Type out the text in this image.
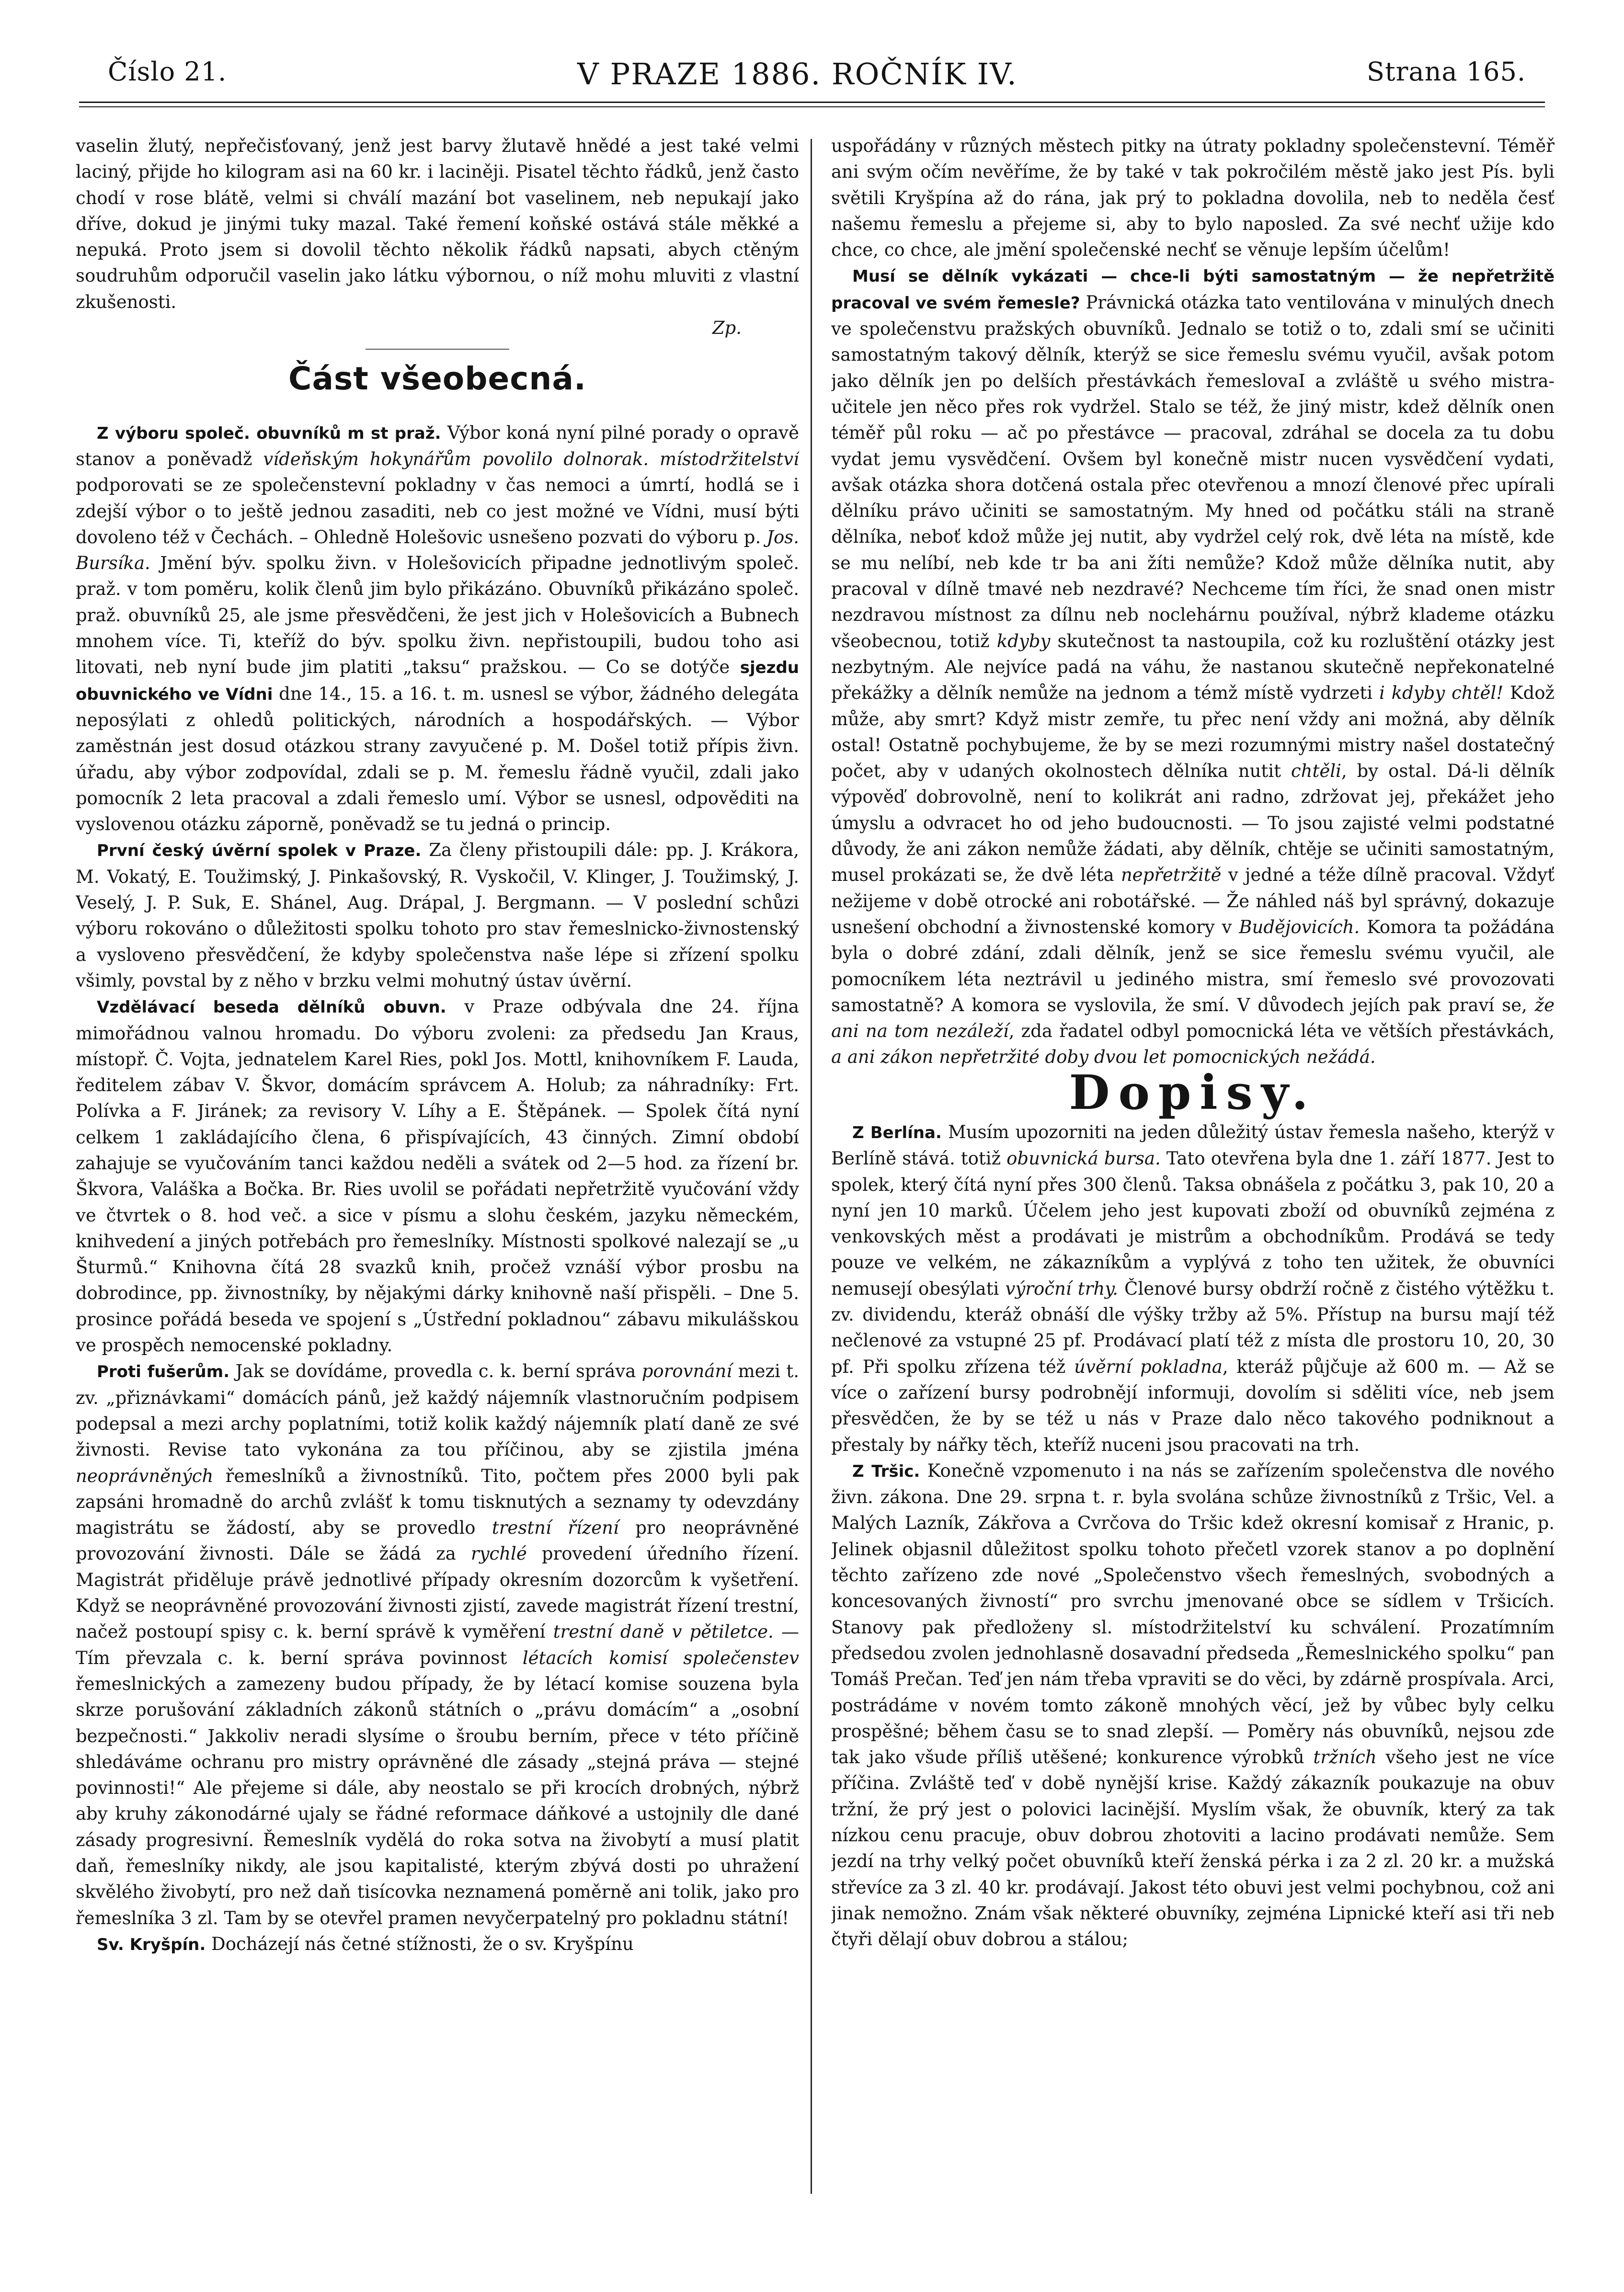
Číslo 21.	V PRAZE 1886. ROČNÍK IV.	Strana 165.

vaselin žlutý, nepřečisťovaný, jenž jest barvy žlutavě hnědé a jest také velmi laciný, přijde ho kilogram asi na 60 kr. i laciněji. Pisatel těchto řádků, jenž často chodí v rose blátě, velmi si chválí mazání bot vaselinem, neb nepukají jako dříve, dokud je jinými tuky mazal. Také řemení koňské ostává stále měkké a nepuká. Proto jsem si dovolil těchto několik řádků napsati, abych ctěným soudruhům odporučil vaselin jako látku výbornou, o níž mohu mluviti z vlastní zkušenosti.

Zp.

Část všeobecná.

Z výboru společ. obuvníků m st praž. Výbor koná nyní pilné porady o opravě stanov a poněvadž vídeňským hokynářům povolilo dolnorak. místodržitelství podporovati se ze společenstevní pokladny v čas nemoci a úmrtí, hodlá se i zdejší výbor o to ještě jednou zasaditi, neb co jest možné ve Vídni, musí býti dovoleno též v Čechách. – Ohledně Holešovic usnešeno pozvati do výboru p. Jos. Bursíka. Jmění býv. spolku živn. v Holešovicích připadne jednotlivým společ. praž. v tom poměru, kolik členů jim bylo přikázáno. Obuvníků přikázáno společ. praž. obuvníků 25, ale jsme přesvědčeni, že jest jich v Holešovicích a Bubnech mnohem více. Ti, kteříž do býv. spolku živn. nepřistoupili, budou toho asi litovati, neb nyní bude jim platiti „taksu“ pražskou. — Co se dotýče sjezdu obuvnického ve Vídni dne 14., 15. a 16. t. m. usnesl se výbor, žádného delegáta neposýlati z ohledů politických, národních a hospodářských. — Výbor zaměstnán jest dosud otázkou strany zavyučené p. M. Došel totiž přípis živn. úřadu, aby výbor zodpovídal, zdali se p. M. řemeslu řádně vyučil, zdali jako pomocník 2 leta pracoval a zdali řemeslo umí. Výbor se usnesl, odpověditi na vyslovenou otázku záporně, poněvadž se tu jedná o princip.

První český úvěrní spolek v Praze. Za členy přistoupili dále: pp. J. Krákora, M. Vokatý, E. Toužimský, J. Pinkašovský, R. Vyskočil, V. Klinger, J. Toužimský, J. Veselý, J. P. Suk, E. Shánel, Aug. Drápal, J. Bergmann. — V poslední schůzi výboru rokováno o důležitosti spolku tohoto pro stav řemeslnicko-živnostenský a vysloveno přesvědčení, že kdyby společenstva naše lépe si zřízení spolku všimly, povstal by z něho v brzku velmi mohutný ústav úvěrní.

Vzdělávací beseda dělníků obuvn. v Praze odbývala dne 24. října mimořádnou valnou hromadu. Do výboru zvoleni: za předsedu Jan Kraus, místopř. Č. Vojta, jednatelem Karel Ries, pokl Jos. Mottl, knihovníkem F. Lauda, ředitelem zábav V. Škvor, domácím správcem A. Holub; za náhradníky: Frt. Polívka a F. Jiránek; za revisory V. Líhy a E. Štěpánek. — Spolek čítá nyní celkem 1 zakládajícího člena, 6 přispívajících, 43 činných. Zimní období zahajuje se vyučováním tanci každou neděli a svátek od 2—5 hod. za řízení br. Škvora, Valáška a Bočka. Br. Ries uvolil se pořádati nepřetržitě vyučování vždy ve čtvrtek o 8. hod več. a sice v písmu a slohu českém, jazyku německém, knihvedení a jiných potřebách pro řemeslníky. Místnosti spolkové nalezají se „u Šturmů.“ Knihovna čítá 28 svazků knih, pročež vznáší výbor prosbu na dobrodince, pp. živnostníky, by nějakými dárky knihovně naší přispěli. – Dne 5. prosince pořádá beseda ve spojení s „Ústřední pokladnou“ zábavu mikulášskou ve prospěch nemocenské pokladny.

Proti fušerům. Jak se dovídáme, provedla c. k. berní správa porovnání mezi t. zv. „přiznávkami“ domácích pánů, jež každý nájemník vlastnoručním podpisem podepsal a mezi archy poplatními, totiž kolik každý nájemník platí daně ze své živnosti. Revise tato vykonána za tou příčinou, aby se zjistila jména neoprávněných řemeslníků a živnostníků. Tito, počtem přes 2000 byli pak zapsáni hromadně do archů zvlášť k tomu tisknutých a seznamy ty odevzdány magistrátu se žádostí, aby se provedlo trestní řízení pro neoprávněné provozování živnosti. Dále se žádá za rychlé provedení úředního řízení. Magistrát přiděluje právě jednotlivé případy okresním dozorcům k vyšetření. Když se neoprávněné provozování živnosti zjistí, zavede magistrát řízení trestní, načež postoupí spisy c. k. berní správě k vyměření trestní daně v pětiletce. — Tím převzala c. k. berní správa povinnost létacích komisí společenstev řemeslnických a zamezeny budou případy, že by létací komise souzena byla skrze porušování základních zákonů státních o „právu domácím“ a „osobní bezpečnosti.“ Jakkoliv neradi slysíme o šroubu berním, přece v této příčině shledáváme ochranu pro mistry oprávněné dle zásady „stejná práva — stejné povinnosti!“ Ale přejeme si dále, aby neostalo se při krocích drobných, nýbrž aby kruhy zákonodárné ujaly se řádné reformace dáňkové a ustojnily dle dané zásady progresivní. Řemeslník vydělá do roka sotva na živobytí a musí platit daň, řemeslníky nikdy, ale jsou kapitalisté, kterým zbývá dosti po uhražení skvělého živobytí, pro než daň tisícovka neznamená poměrně ani tolik, jako pro řemeslníka 3 zl. Tam by se otevřel pramen nevyčerpatelný pro pokladnu státní!

Sv. Kryšpín. Docházejí nás četné stížnosti, že o sv. Kryšpínu

uspořádány v různých městech pitky na útraty pokladny společenstevní. Téměř ani svým očím nevěříme, že by také v tak pokročilém městě jako jest Pís. byli světili Kryšpína až do rána, jak prý to pokladna dovolila, neb to neděla česť našemu řemeslu a přejeme si, aby to bylo naposled. Za své nechť užije kdo chce, co chce, ale jmění společenské nechť se věnuje lepším účelům!

Musí se dělník vykázati — chce-li býti samostatným — že nepřetržitě pracoval ve svém řemesle? Právnická otázka tato ventilována v minulých dnech ve společenstvu pražských obuvníků. Jednalo se totiž o to, zdali smí se učiniti samostatným takový dělník, kterýž se sice řemeslu svému vyučil, avšak potom jako dělník jen po delších přestávkách řemeslovaI a zvláště u svého mistra-učitele jen něco přes rok vydržel. Stalo se též, že jiný mistr, kdež dělník onen téměř půl roku — ač po přestávce — pracoval, zdráhal se docela za tu dobu vydat jemu vysvědčení. Ovšem byl konečně mistr nucen vysvědčení vydati, avšak otázka shora dotčená ostala přec otevřenou a mnozí členové přec upírali dělníku právo učiniti se samostatným. My hned od počátku stáli na straně dělníka, neboť kdož může jej nutit, aby vydržel celý rok, dvě léta na místě, kde se mu nelíbí, neb kde tr ba ani žíti nemůže? Kdož může dělníka nutit, aby pracoval v dílně tmavé neb nezdravé? Nechceme tím říci, že snad onen mistr nezdravou místnost za dílnu neb noclehárnu používal, nýbrž klademe otázku všeobecnou, totiž kdyby skutečnost ta nastoupila, což ku rozluštění otázky jest nezbytným. Ale nejvíce padá na váhu, že nastanou skutečně nepřekonatelné překážky a dělník nemůže na jednom a témž místě vydrzeti i kdyby chtěl! Kdož může, aby smrt? Když mistr zemře, tu přec není vždy ani možná, aby dělník ostal! Ostatně pochybujeme, že by se mezi rozumnými mistry našel dostatečný počet, aby v udaných okolnostech dělníka nutit chtěli, by ostal. Dá-li dělník výpověď dobrovolně, není to kolikrát ani radno, zdržovat jej, překážet jeho úmyslu a odvracet ho od jeho budoucnosti. — To jsou zajisté velmi podstatné důvody, že ani zákon nemůže žádati, aby dělník, chtěje se učiniti samostatným, musel prokázati se, že dvě léta nepřetržitě v jedné a téže dílně pracoval. Vždyť nežijeme v době otrocké ani robotářské. — Že náhled náš byl správný, dokazuje usnešení obchodní a živnostenské komory v Budějovicích. Komora ta požádána byla o dobré zdání, zdali dělník, jenž se sice řemeslu svému vyučil, ale pomocníkem léta neztrávil u jediného mistra, smí řemeslo své provozovati samostatně? A komora se vyslovila, že smí. V důvodech jejích pak praví se, že ani na tom nezáleží, zda řadatel odbyl pomocnická léta ve větších přestávkách, a ani zákon nepřetržité doby dvou let pomocnických nežádá.

Dopisy.

Z Berlína. Musím upozorniti na jeden důležitý ústav řemesla našeho, kterýž v Berlíně stává. totiž obuvnická bursa. Tato otevřena byla dne 1. září 1877. Jest to spolek, který čítá nyní přes 300 členů. Taksa obnášela z počátku 3, pak 10, 20 a nyní jen 10 marků. Účelem jeho jest kupovati zboží od obuvníků zejména z venkovských měst a prodávati je mistrům a obchodníkům. Prodává se tedy pouze ve velkém, ne zákazníkům a vyplývá z toho ten užitek, že obuvníci nemusejí obesýlati výroční trhy. Členové bursy obdrží ročně z čistého výtěžku t. zv. dividendu, kteráž obnáší dle výšky tržby až 5%. Přístup na bursu mají též nečlenové za vstupné 25 pf. Prodávací platí též z místa dle prostoru 10, 20, 30 pf. Při spolku zřízena též úvěrní pokladna, kteráž půjčuje až 600 m. — Až se více o zařízení bursy podrobnějí informuji, dovolím si sděliti více, neb jsem přesvědčen, že by se též u nás v Praze dalo něco takového podniknout a přestaly by nářky těch, kteříž nuceni jsou pracovati na trh.

Z Tršic. Konečně vzpomenuto i na nás se zařízením společenstva dle nového živn. zákona. Dne 29. srpna t. r. byla svolána schůze živnostníků z Tršic, Vel. a Malých Lazník, Zákřova a Cvrčova do Tršic kdež okresní komisař z Hranic, p. Jelinek objasnil důležitost spolku tohoto přečetl vzorek stanov a po doplnění těchto zařízeno zde nové „Společenstvo všech řemeslných, svobodných a koncesovaných živností“ pro svrchu jmenované obce se sídlem v Tršicích. Stanovy pak předloženy sl. místodržitelství ku schválení. Prozatímním předsedou zvolen jednohlasně dosavadní předseda „Řemeslnického spolku“ pan Tomáš Prečan. Teď jen nám třeba vpraviti se do věci, by zdárně prospívala. Arci, postrádáme v novém tomto zákoně mnohých věcí, jež by vůbec byly celku prospěšné; během času se to snad zlepší. — Poměry nás obuvníků, nejsou zde tak jako všude příliš utěšené; konkurence výrobků tržních všeho jest ne více příčina. Zvláště teď v době nynější krise. Každý zákazník poukazuje na obuv tržní, že prý jest o polovici lacinější. Myslím však, že obuvník, který za tak nízkou cenu pracuje, obuv dobrou zhotoviti a lacino prodávati nemůže. Sem jezdí na trhy velký počet obuvníků kteří ženská pérka i za 2 zl. 20 kr. a mužská střevíce za 3 zl. 40 kr. prodávají. Jakost této obuvi jest velmi pochybnou, což ani jinak nemožno. Znám však některé obuvníky, zejména Lipnické kteří asi tři neb čtyři dělají obuv dobrou a stálou;
